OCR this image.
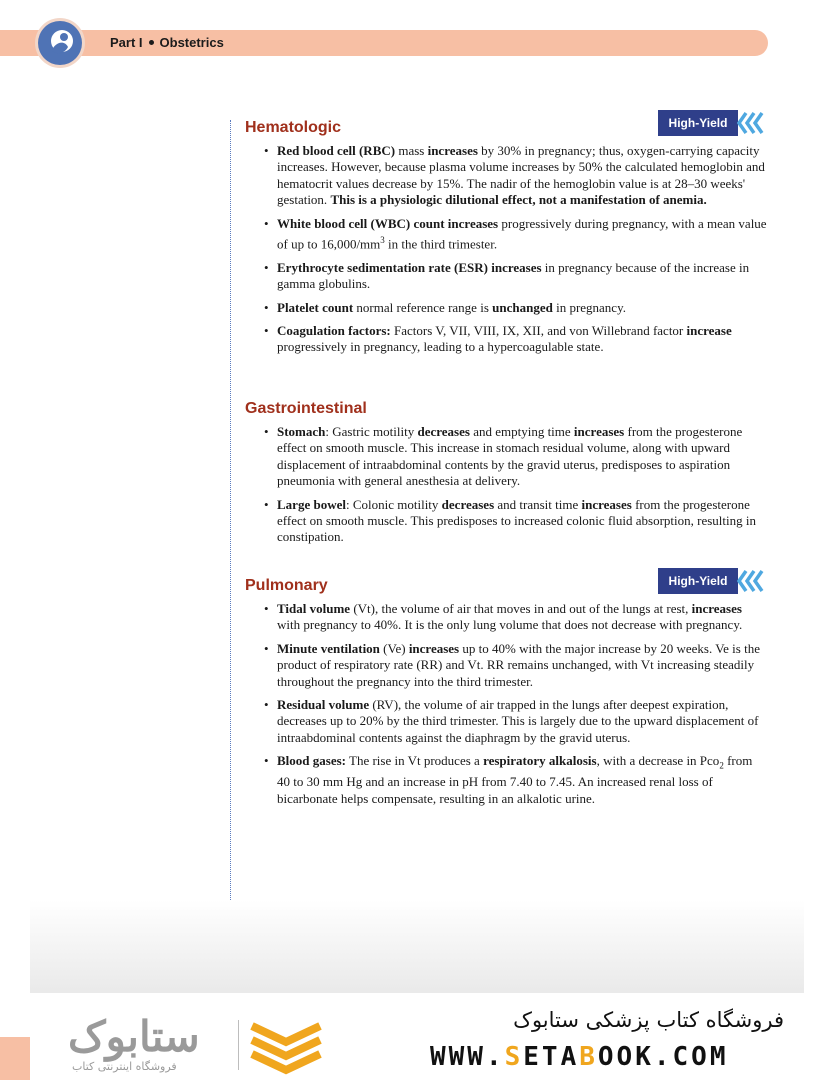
Part I Obstetrics
Hematologic	High-Yield
• Red blood cell (RBC) mass increases by 30% in pregnancy; thus, oxygen-carrying capacity increases. However, because plasma volume increases by 50% the calculated hemoglobin and hematocrit values decrease by 15%. The nadir of the hemoglobin value is at 28–30 weeks' gestation. This is a physiologic dilutional effect, not a manifestation of anemia.
• White blood cell (WBC) count increases progressively during pregnancy, with a mean value of up to $16,000/mm^3$ in the third trimester.
• Erythrocyte sedimentation rate (ESR) increases in pregnancy because of the increase in gamma globulins.
• Platelet count normal reference range is unchanged in pregnancy.
• Coagulation factors: Factors V, VII, VIII, IX, XII, and von Willebrand factor increase progressively in pregnancy, leading to a hypercoagulable state.
Gastrointestinal
• Stomach: Gastric motility decreases and emptying time increases from the progesterone effect on smooth muscle. This increase in stomach residual volume, along with upward displacement of intraabdominal contents by the gravid uterus, predisposes to aspiration pneumonia with general anesthesia at delivery.
• Large bowel: Colonic motility decreases and transit time increases from the progesterone effect on smooth muscle. This predisposes to increased colonic fluid absorption, resulting in constipation.
Pulmonary	High-Yield
• Tidal volume (Vt), the volume of air that moves in and out of the lungs at rest, increases with pregnancy to 40%. It is the only lung volume that does not decrease with pregnancy.
• Minute ventilation (Ve) increases up to 40% with the major increase by 20 weeks. Ve is the product of respiratory rate (RR) and Vt. RR remains unchanged, with Vt increasing steadily throughout the pregnancy into the third trimester.
• Residual volume (RV), the volume of air trapped in the lungs after deepest expiration, decreases up to 20% by the third trimester. This is largely due to the upward displacement of intraabdominal contents against the diaphragm by the gravid uterus.
• Blood gases: The rise in Vt produces a respiratory alkalosis, with a decrease in Pco$_2$ from 40 to 30 mm Hg and an increase in pH from 7.40 to 7.45. An increased renal loss of bicarbonate helps compensate, resulting in an alkalotic urine.
ستابوک
فروشگاه اینترنتی کتاب
فروشگاه کتاب پزشکی ستابوک
WWW.SETABOOK.COM
